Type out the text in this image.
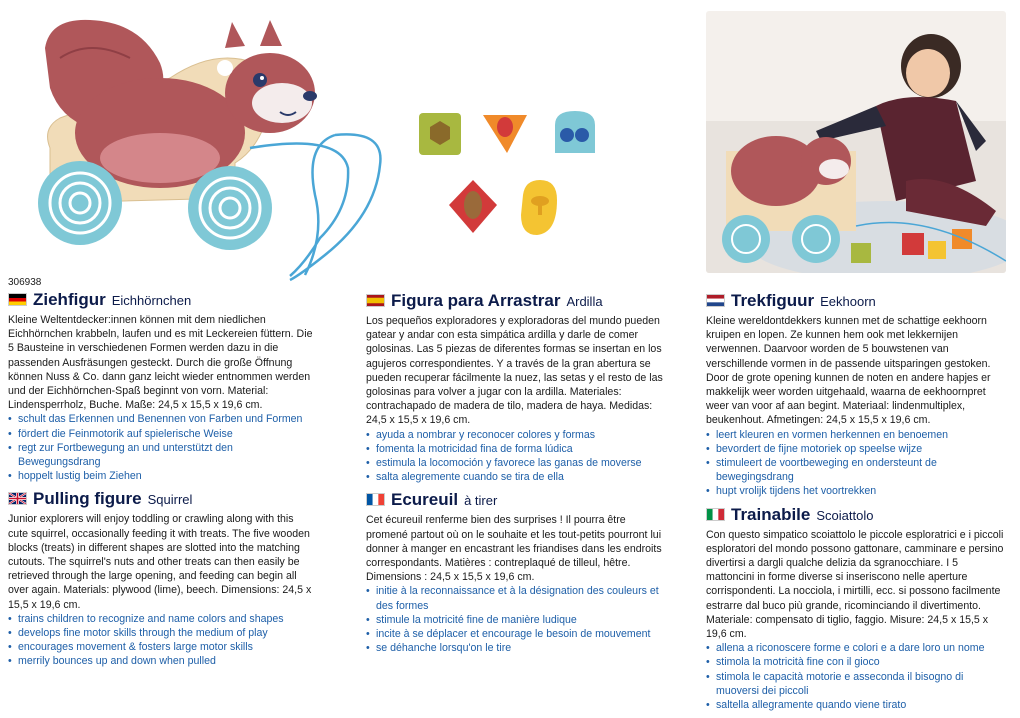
306938
Ziehfigur Eichhörnchen

Kleine Weltentdecker:innen können mit dem niedlichen Eichhörnchen krabbeln, laufen und es mit Leckereien füttern. Die 5 Bausteine in verschiedenen Formen werden dazu in die passenden Ausfräsungen gesteckt. Durch die große Öffnung können Nuss & Co. dann ganz leicht wieder entnommen werden und der Eichhörnchen-Spaß beginnt von vorn. Material: Lindensperrholz, Buche. Maße: 24,5 x 15,5 x 19,6 cm.

• schult das Erkennen und Benennen von Farben und Formen
• fördert die Feinmotorik auf spielerische Weise
• regt zur Fortbewegung an und unterstützt den Bewegungsdrang
• hoppelt lustig beim Ziehen
Pulling figure Squirrel

Junior explorers will enjoy toddling or crawling along with this cute squirrel, occasionally feeding it with treats. The five wooden blocks (treats) in different shapes are slotted into the matching cutouts. The squirrel's nuts and other treats can then easily be retrieved through the large opening, and feeding can begin all over again. Materials: plywood (lime), beech. Dimensions: 24,5 x 15,5 x 19,6 cm.

• trains children to recognize and name colors and shapes
• develops fine motor skills through the medium of play
• encourages movement & fosters large motor skills
• merrily bounces up and down when pulled
Figura para Arrastrar Ardilla

Los pequeños exploradores y exploradoras del mundo pueden gatear y andar con esta simpática ardilla y darle de comer golosinas. Las 5 piezas de diferentes formas se insertan en los agujeros correspondientes. Y a través de la gran abertura se pueden recuperar fácilmente la nuez, las setas y el resto de las golosinas para volver a jugar con la ardilla. Materiales: contrachapado de madera de tilo, madera de haya. Medidas: 24,5 x 15,5 x 19,6 cm.

• ayuda a nombrar y reconocer colores y formas
• fomenta la motricidad fina de forma lúdica
• estimula la locomoción y favorece las ganas de moverse
• salta alegremente cuando se tira de ella
Ecureuil à tirer

Cet écureuil renferme bien des surprises ! Il pourra être promené partout où on le souhaite et les tout-petits pourront lui donner à manger en encastrant les friandises dans les endroits correspondants. Matières : contreplaqué de tilleul, hêtre. Dimensions : 24,5 x 15,5 x 19,6 cm.

• initie à la reconnaissance et à la désignation des couleurs et des formes
• stimule la motricité fine de manière ludique
• incite à se déplacer et encourage le besoin de mouvement
• se déhanche lorsqu'on le tire
Trekfiguur Eekhoorn

Kleine wereldontdekkers kunnen met de schattige eekhoorn kruipen en lopen. Ze kunnen hem ook met lekkernijen verwennen. Daarvoor worden de 5 bouwstenen van verschillende vormen in de passende uitsparingen gestoken. Door de grote opening kunnen de noten en andere hapjes er makkelijk weer worden uitgehaald, waarna de eekhoornpret weer van voor af aan begint. Materiaal: lindenmultiplex, beukenhout. Afmetingen: 24,5 x 15,5 x 19,6 cm.

• leert kleuren en vormen herkennen en benoemen
• bevordert de fijne motoriek op speelse wijze
• stimuleert de voortbeweging en ondersteunt de bewegingsdrang
• hupt vrolijk tijdens het voortrekken
Trainabile Scoiattolo

Con questo simpatico scoiattolo le piccole esploratrici e i piccoli esploratori del mondo possono gattonare, camminare e persino divertirsi a dargli qualche delizia da sgranocchiare. I 5 mattoncini in forme diverse si inseriscono nelle aperture corrispondenti. La nocciola, i mirtilli, ecc. si possono facilmente estrarre dal buco più grande, ricominciando il divertimento. Materiale: compensato di tiglio, faggio. Misure: 24,5 x 15,5 x 19,6 cm.

• allena a riconoscere forme e colori e a dare loro un nome
• stimola la motricità fine con il gioco
• stimola le capacità motorie e asseconda il bisogno di muoversi dei piccoli
• saltella allegramente quando viene tirato
